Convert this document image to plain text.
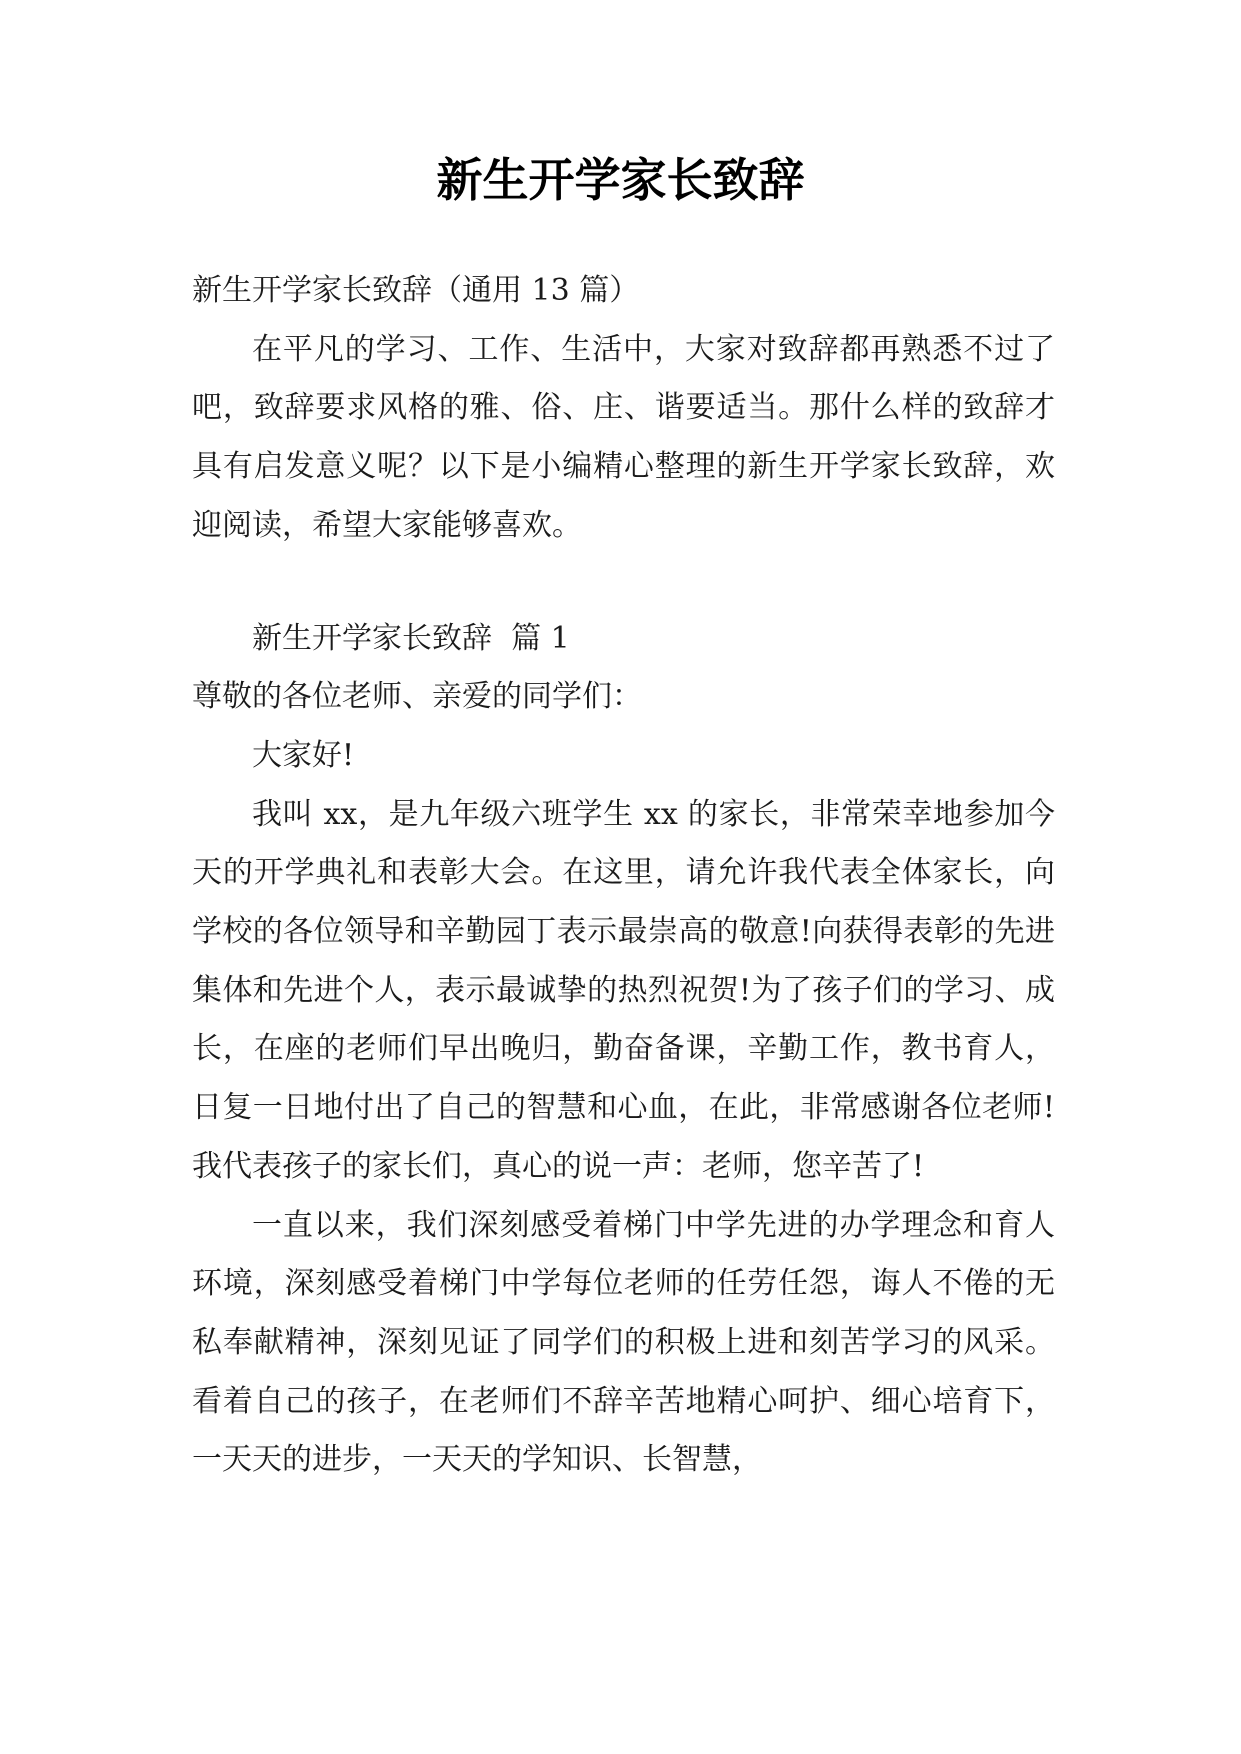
新生开学家长致辞

新生开学家长致辞（通用 13 篇）

在平凡的学习、工作、生活中，大家对致辞都再熟悉不过了吧，致辞要求风格的雅、俗、庄、谐要适当。那什么样的致辞才具有启发意义呢？以下是小编精心整理的新生开学家长致辞，欢迎阅读，希望大家能够喜欢。

新生开学家长致辞  篇 1

尊敬的各位老师、亲爱的同学们：

大家好!

我叫 xx，是九年级六班学生 xx 的家长，非常荣幸地参加今天的开学典礼和表彰大会。在这里，请允许我代表全体家长，向学校的各位领导和辛勤园丁表示最崇高的敬意!向获得表彰的先进集体和先进个人，表示最诚挚的热烈祝贺!为了孩子们的学习、成长，在座的老师们早出晚归，勤奋备课，辛勤工作，教书育人，日复一日地付出了自己的智慧和心血，在此，非常感谢各位老师!我代表孩子的家长们，真心的说一声：老师，您辛苦了!

一直以来，我们深刻感受着梯门中学先进的办学理念和育人环境，深刻感受着梯门中学每位老师的任劳任怨，诲人不倦的无私奉献精神，深刻见证了同学们的积极上进和刻苦学习的风采。看着自己的孩子，在老师们不辞辛苦地精心呵护、细心培育下，一天天的进步，一天天的学知识、长智慧，
